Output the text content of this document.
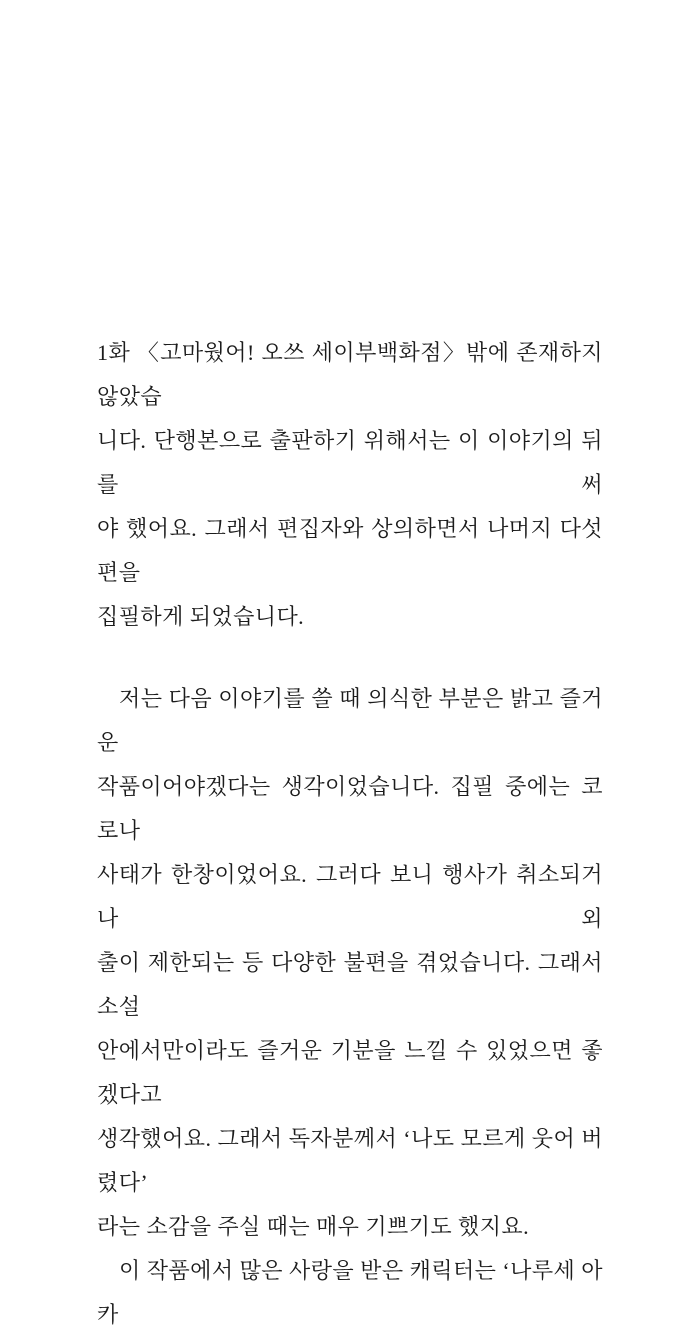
1화 〈고마웠어! 오쓰 세이부백화점〉밖에 존재하지 않았습
니다. 단행본으로 출판하기 위해서는 이 이야기의 뒤를 써
야 했어요. 그래서 편집자와 상의하면서 나머지 다섯 편을
집필하게 되었습니다.
저는 다음 이야기를 쓸 때 의식한 부분은 밝고 즐거운
작품이어야겠다는 생각이었습니다. 집필 중에는 코로나
사태가 한창이었어요. 그러다 보니 행사가 취소되거나 외
출이 제한되는 등 다양한 불편을 겪었습니다. 그래서 소설
안에서만이라도 즐거운 기분을 느낄 수 있었으면 좋겠다고
생각했어요. 그래서 독자분께서 ‘나도 모르게 웃어 버렸다’
라는 소감을 주실 때는 매우 기쁘기도 했지요.
이 작품에서 많은 사랑을 받은 캐릭터는 ‘나루세 아카
